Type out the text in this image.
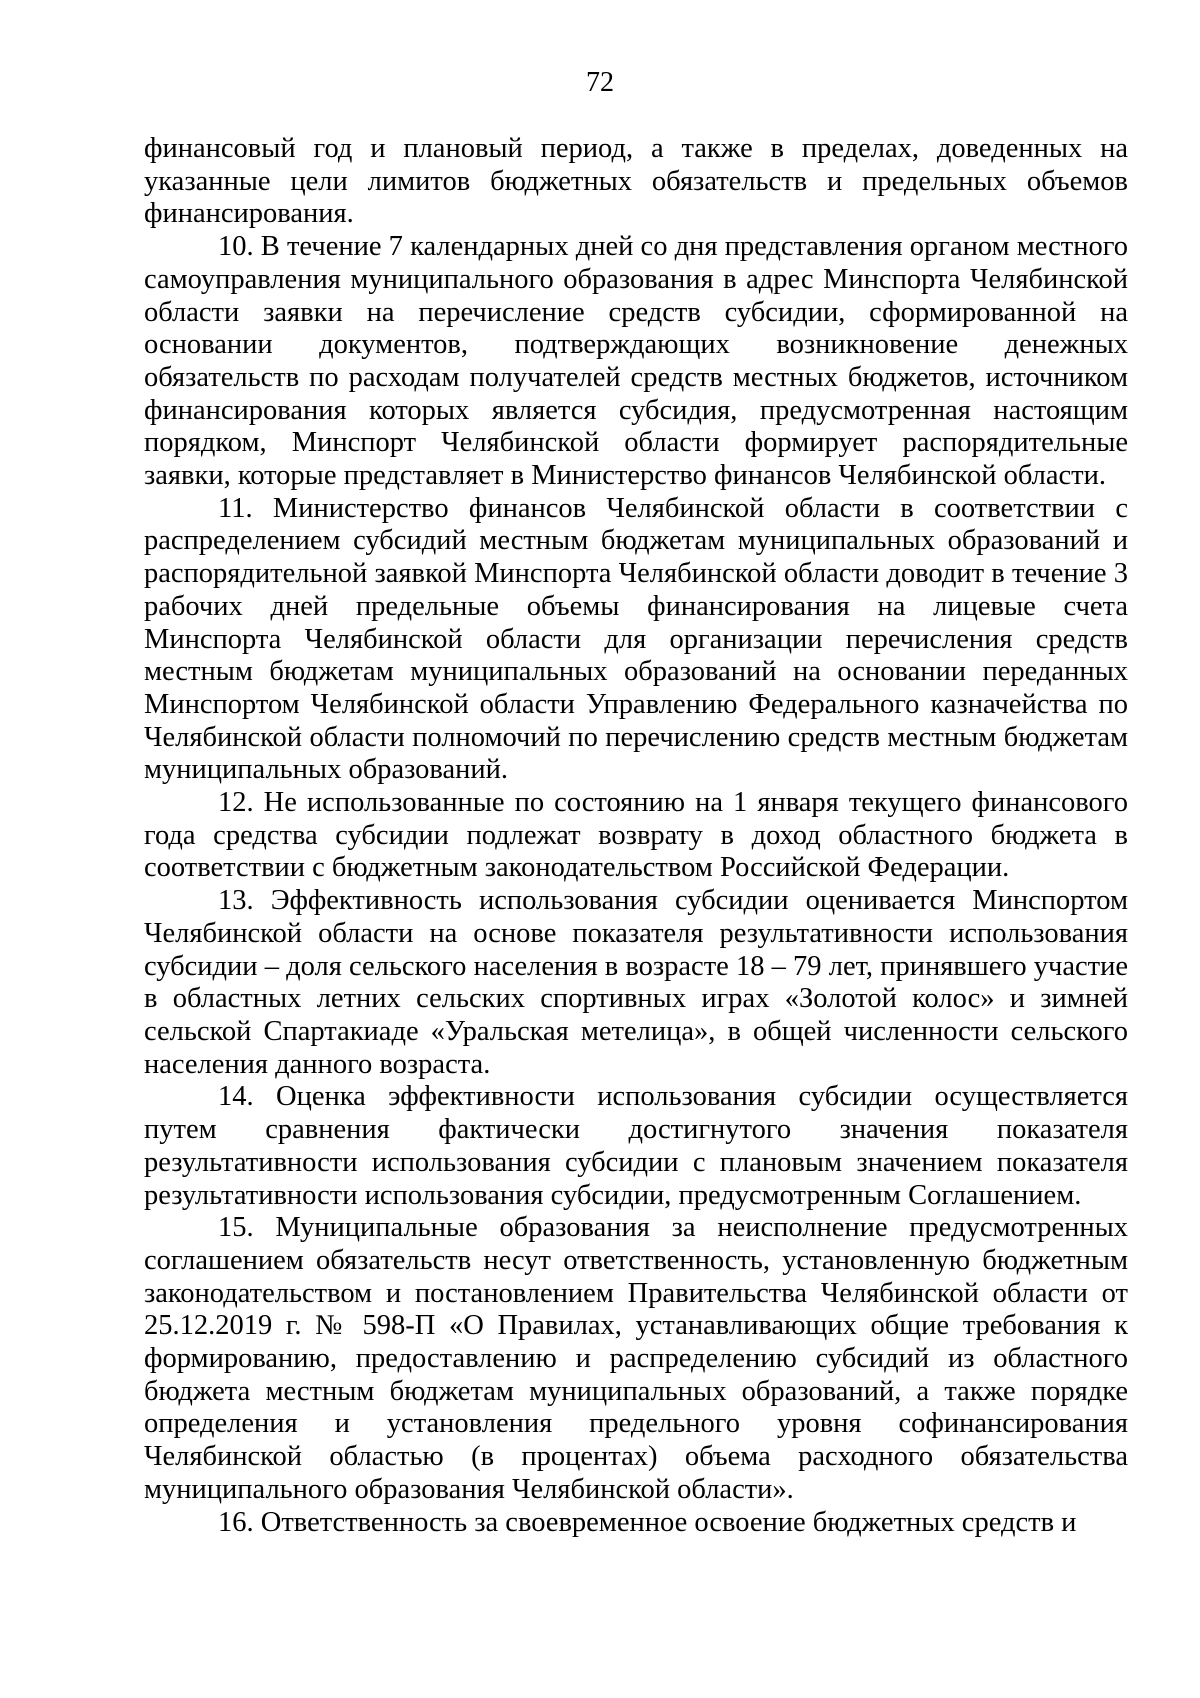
72

финансовый год и плановый период, а также в пределах, доведенных на указанные цели лимитов бюджетных обязательств и предельных объемов финансирования.

10. В течение 7 календарных дней со дня представления органом местного самоуправления муниципального образования в адрес Минспорта Челябинской области заявки на перечисление средств субсидии, сформированной на основании документов, подтверждающих возникновение денежных обязательств по расходам получателей средств местных бюджетов, источником финансирования которых является субсидия, предусмотренная настоящим порядком, Минспорт Челябинской области формирует распорядительные заявки, которые представляет в Министерство финансов Челябинской области.

11. Министерство финансов Челябинской области в соответствии с распределением субсидий местным бюджетам муниципальных образований и распорядительной заявкой Минспорта Челябинской области доводит в течение 3 рабочих дней предельные объемы финансирования на лицевые счета Минспорта Челябинской области для организации перечисления средств местным бюджетам муниципальных образований на основании переданных Минспортом Челябинской области Управлению Федерального казначейства по Челябинской области полномочий по перечислению средств местным бюджетам муниципальных образований.

12. Не использованные по состоянию на 1 января текущего финансового года средства субсидии подлежат возврату в доход областного бюджета в соответствии с бюджетным законодательством Российской Федерации.

13. Эффективность использования субсидии оценивается Минспортом Челябинской области на основе показателя результативности использования субсидии – доля сельского населения в возрасте 18 – 79 лет, принявшего участие в областных летних сельских спортивных играх «Золотой колос» и зимней сельской Спартакиаде «Уральская метелица», в общей численности сельского населения данного возраста.

14. Оценка эффективности использования субсидии осуществляется путем сравнения фактически достигнутого значения показателя результативности использования субсидии с плановым значением показателя результативности использования субсидии, предусмотренным Соглашением.

15. Муниципальные образования за неисполнение предусмотренных соглашением обязательств несут ответственность, установленную бюджетным законодательством и постановлением Правительства Челябинской области от 25.12.2019 г. № 598-П «О Правилах, устанавливающих общие требования к формированию, предоставлению и распределению субсидий из областного бюджета местным бюджетам муниципальных образований, а также порядке определения и установления предельного уровня софинансирования Челябинской областью (в процентах) объема расходного обязательства муниципального образования Челябинской области».

16. Ответственность за своевременное освоение бюджетных средств и
